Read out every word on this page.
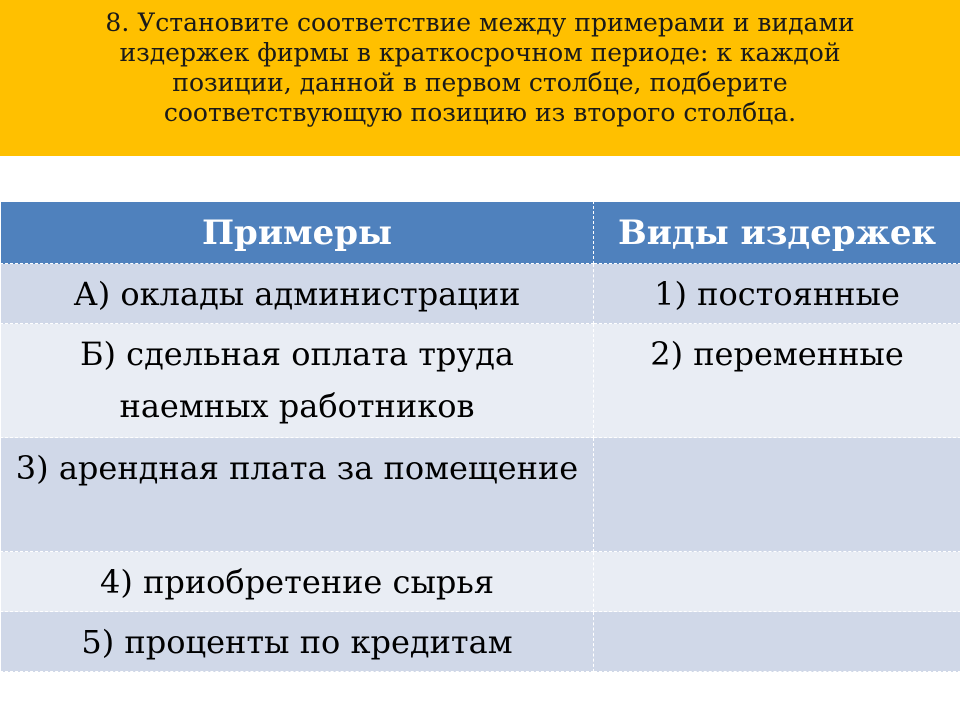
8. Установите соответствие между примерами и видами
издержек фирмы в краткосрочном периоде: к каждой
позиции, данной в первом столбце, подберите
соответствующую позицию из второго столбца.
Примеры	Виды издержек
А) оклады администрации	1) постоянные
Б) сдельная оплата труда наемных работников	2) переменные
3) арендная плата за помещение	
4) приобретение сырья	
5) проценты по кредитам	
